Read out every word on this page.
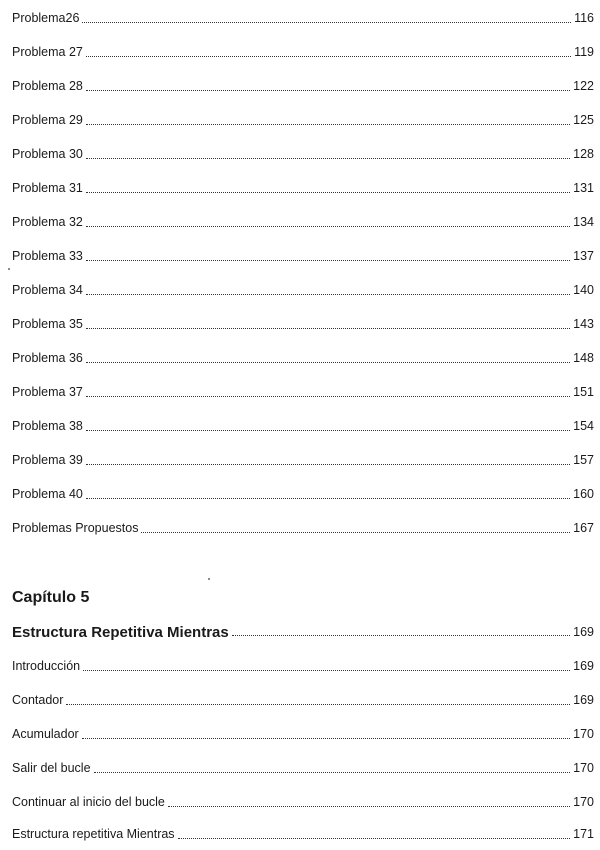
Problema26	116
Problema 27	119
Problema 28	122
Problema 29	125
Problema 30	128
Problema 31	131
Problema 32	134
Problema 33	137
Problema 34	140
Problema 35	143
Problema 36	148
Problema 37	151
Problema 38	154
Problema 39	157
Problema 40	160
Problemas Propuestos	167
Capítulo 5
Estructura Repetitiva Mientras	169
Introducción	169
Contador	169
Acumulador	170
Salir del bucle	170
Continuar al inicio del bucle	170
Estructura repetitiva Mientras	171
